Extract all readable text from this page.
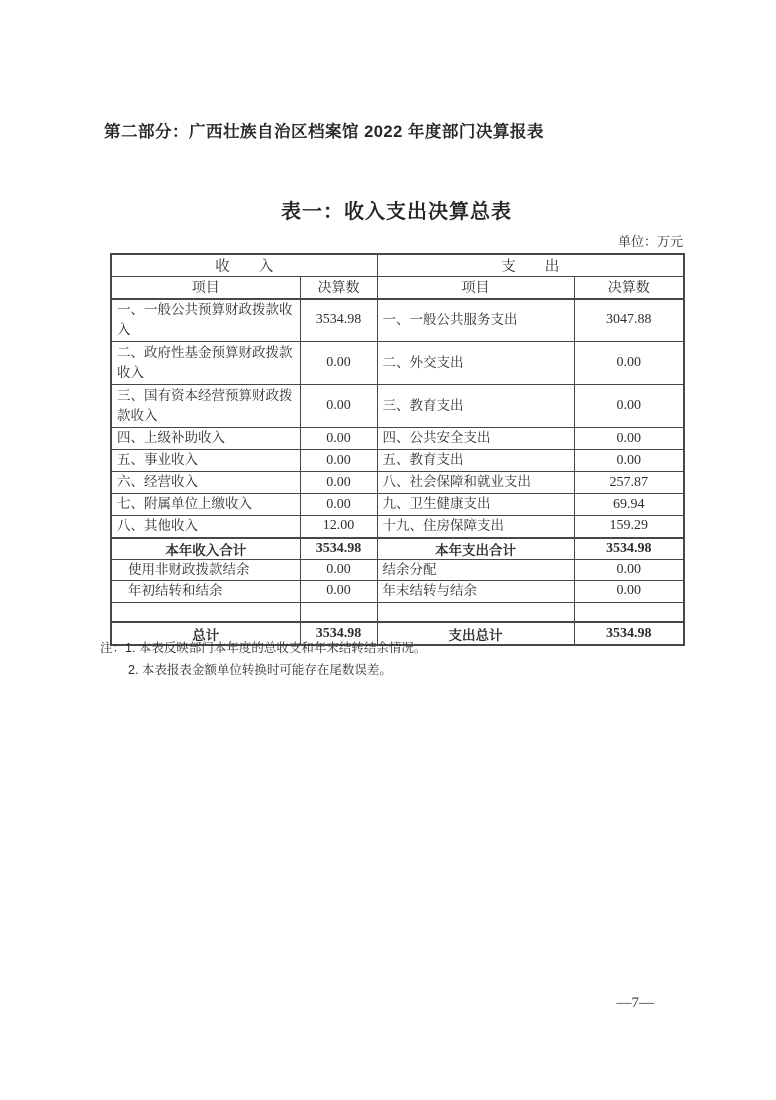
第二部分：广西壮族自治区档案馆 2022 年度部门决算报表
表一：收入支出决算总表
单位：万元
收　　入		支　　出	
项目	决算数	项目	决算数
一、一般公共预算财政拨款收入	3534.98	一、一般公共服务支出	3047.88
二、政府性基金预算财政拨款收入	0.00	二、外交支出	0.00
三、国有资本经营预算财政拨款收入	0.00	三、教育支出	0.00
四、上级补助收入	0.00	四、公共安全支出	0.00
五、事业收入	0.00	五、教育支出	0.00
六、经营收入	0.00	八、社会保障和就业支出	257.87
七、附属单位上缴收入	0.00	九、卫生健康支出	69.94
八、其他收入	12.00	十九、住房保障支出	159.29
本年收入合计	3534.98	本年支出合计	3534.98
使用非财政拨款结余	0.00	结余分配	0.00
年初结转和结余	0.00	年末结转与结余	0.00

总计	3534.98	支出总计	3534.98
注：1. 本表反映部门本年度的总收支和年末结转结余情况。
2. 本表报表金额单位转换时可能存在尾数误差。
—7—
